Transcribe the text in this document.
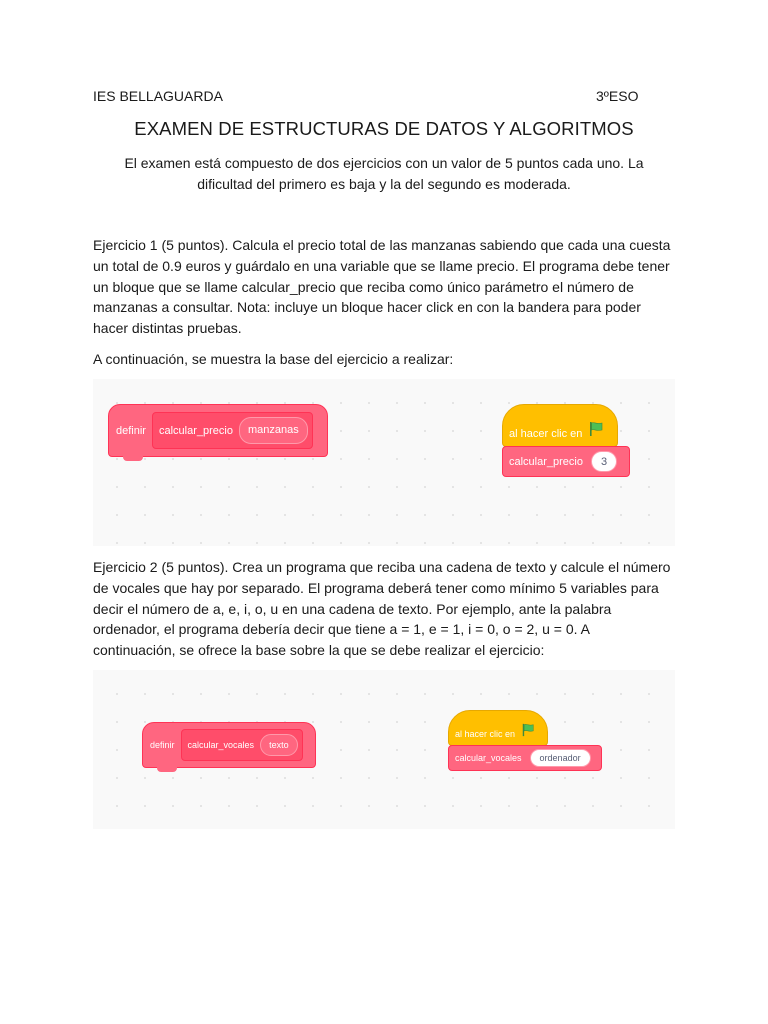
IES BELLAGUARDA	3ºESO
EXAMEN DE ESTRUCTURAS DE DATOS Y ALGORITMOS
El examen está compuesto de dos ejercicios con un valor de 5 puntos cada uno. La dificultad del primero es baja y la del segundo es moderada.
Ejercicio 1 (5 puntos). Calcula el precio total de las manzanas sabiendo que cada una cuesta un total de 0.9 euros y guárdalo en una variable que se llame precio. El programa debe tener un bloque que se llame calcular_precio que reciba como único parámetro el número de manzanas a consultar. Nota: incluye un bloque hacer click en con la bandera para poder hacer distintas pruebas.
A continuación, se muestra la base del ejercicio a realizar:
definir calcular_precio	manzanas	al hacer clic en
calcular_precio	3
Ejercicio 2 (5 puntos). Crea un programa que reciba una cadena de texto y calcule el número de vocales que hay por separado. El programa deberá tener como mínimo 5 variables para decir el número de a, e, i, o, u en una cadena de texto. Por ejemplo, ante la palabra ordenador, el programa debería decir que tiene a = 1, e = 1, i = 0, o = 2, u = 0. A continuación, se ofrece la base sobre la que se debe realizar el ejercicio:
definir calcular_vocales	texto
al hacer clic en
calcular_vocales	ordenador
